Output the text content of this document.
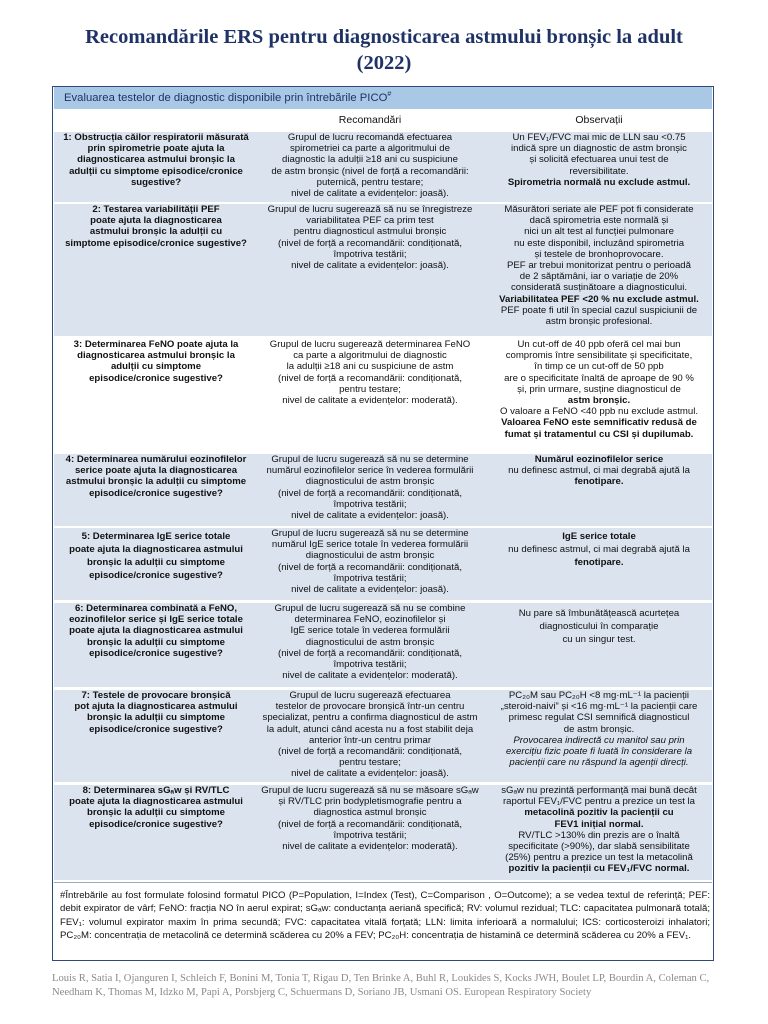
Recomandările ERS pentru diagnosticarea astmului bronșic la adult
(2022)
Evaluarea testelor de diagnostic disponibile prin întrebările PICO#
Recomandări	Observații
1: Obstrucția căilor respiratorii măsurată
prin spirometrie poate ajuta la
diagnosticarea astmului bronșic la
adulții cu simptome episodice/cronice
sugestive?
Grupul de lucru recomandă efectuarea
spirometriei ca parte a algoritmului de
diagnostic la adulții ≥18 ani cu suspiciune
de astm bronșic (nivel de forță a recomandării:
puternică, pentru testare;
nivel de calitate a evidențelor: joasă).
Un FEV₁/FVC mai mic de LLN sau <0.75
indică spre un diagnostic de astm bronșic
și solicită efectuarea unui test de
reversibilitate.
Spirometria normală nu exclude astmul.
2: Testarea variabilității PEF
poate ajuta la diagnosticarea
astmului bronșic la adulții cu
simptome episodice/cronice sugestive?
Grupul de lucru sugerează să nu se înregistreze
variabilitatea PEF ca prim test
pentru diagnosticul astmului bronșic
(nivel de forță a recomandării: condiționată,
împotriva testării;
nivel de calitate a evidențelor: joasă).
Măsurători seriate ale PEF pot fi considerate
dacă spirometria este normală și
nici un alt test al funcției pulmonare
nu este disponibil, incluzând spirometria
și testele de bronhoprovocare.
PEF ar trebui monitorizat pentru o perioadă
de 2 săptămâni, iar o variație de 20%
considerată susținătoare a diagnosticului.
Variabilitatea PEF <20 % nu exclude astmul.
PEF poate fi util în special cazul suspiciunii de
astm bronșic profesional.
3: Determinarea FeNO poate ajuta la
diagnosticarea astmului bronșic la
adulții cu simptome
episodice/cronice sugestive?
Grupul de lucru sugerează determinarea FeNO
ca parte a algoritmului de diagnostic
la adulții ≥18 ani cu suspiciune de astm
(nivel de forță a recomandării: condiționată,
pentru testare;
nivel de calitate a evidențelor: moderată).
Un cut-off de 40 ppb oferă cel mai bun
compromis între sensibilitate și specificitate,
în timp ce un cut-off de 50 ppb
are o specificitate înaltă de aproape de 90 %
și, prin urmare, susține diagnosticul de
astm bronșic.
O valoare a FeNO <40 ppb nu exclude astmul.
Valoarea FeNO este semnificativ redusă de
fumat și tratamentul cu CSI și dupilumab.
4: Determinarea numărului eozinofilelor
serice poate ajuta la diagnosticarea
astmului bronșic la adulții cu simptome
episodice/cronice sugestive?
Grupul de lucru sugerează să nu se determine
numărul eozinofilelor serice în vederea formulării
diagnosticului de astm bronșic
(nivel de forță a recomandării: condiționată,
împotriva testării;
nivel de calitate a evidențelor: joasă).
Numărul eozinofilelor serice
nu definesc astmul, ci mai degrabă ajută la
fenotipare.
5: Determinarea IgE serice totale
poate ajuta la diagnosticarea astmului
bronșic la adulții cu simptome
episodice/cronice sugestive?
Grupul de lucru sugerează să nu se determine
numărul IgE serice totale în vederea formulării
diagnosticului de astm bronșic
(nivel de forță a recomandării: condiționată,
împotriva testării;
nivel de calitate a evidențelor: joasă).
IgE serice totale
nu definesc astmul, ci mai degrabă ajută la
fenotipare.
6: Determinarea combinată a FeNO,
eozinofilelor serice și IgE serice totale
poate ajuta la diagnosticarea astmului
bronșic la adulții cu simptome
episodice/cronice sugestive?
Grupul de lucru sugerează să nu se combine
determinarea FeNO, eozinofilelor și
IgE serice totale în vederea formulării
diagnosticului de astm bronșic
(nivel de forță a recomandării: condiționată,
împotriva testării;
nivel de calitate a evidențelor: moderată).
Nu pare să îmbunătățească acurtețea
diagnosticului în comparație
cu un singur test.
7: Testele de provocare bronșică
pot ajuta la diagnosticarea astmului
bronșic la adulții cu simptome
episodice/cronice sugestive?
Grupul de lucru sugerează efectuarea
testelor de provocare bronșică într-un centru
specializat, pentru a confirma diagnosticul de astm
la adult, atunci când acesta nu a fost stabilit deja
anterior într-un centru primar
(nivel de forță a recomandării: condiționată,
pentru testare;
nivel de calitate a evidențelor: joasă).
PC₂₀M sau PC₂₀H <8 mg·mL⁻¹ la pacienții
„steroid-naivi” și <16 mg·mL⁻¹ la pacienții care
primesc regulat CSI semnifică diagnosticul
de astm bronșic.
Provocarea indirectă cu manitol sau prin
exercițiu fizic poate fi luată în considerare la
pacienții care nu răspund la agenții direcți.
8: Determinarea sGₐw și RV/TLC
poate ajuta la diagnosticarea astmului
bronșic la adulții cu simptome
episodice/cronice sugestive?
Grupul de lucru sugerează să nu se măsoare sGₐw
și RV/TLC prin bodypletismografie pentru a
diagnostica astmul bronșic
(nivel de forță a recomandării: condiționată,
împotriva testării;
nivel de calitate a evidențelor: moderată).
sGₐw nu prezintă performanță mai bună decât
raportul FEV₁/FVC pentru a prezice un test la
metacolină pozitiv la pacienții cu
FEV1 inițial normal.
RV/TLC >130% din prezis are o înaltă
specificitate (>90%), dar slabă sensibilitate
(25%) pentru a prezice un test la metacolină
pozitiv la pacienții cu FEV₁/FVC normal.
#Întrebările au fost formulate folosind formatul PICO (P=Population, I=Index (Test), C=Comparison , O=Outcome); a se vedea textul de referință; PEF: debit expirator de vârf; FeNO: fracția NO în aerul expirat; sGₐw: conductanța aeriană specifică; RV: volumul rezidual; TLC: capacitatea pulmonară totală; FEV₁: volumul expirator maxim în prima secundă; FVC: capacitatea vitală forțată; LLN: limita inferioară a normalului; ICS: corticosteroizi inhalatori; PC₂₀M: concentrația de metacolină ce determină scăderea cu 20% a FEV; PC₂₀H: concentrația de histamină ce determină scăderea cu 20% a FEV₁.
Louis R, Satia I, Ojanguren I, Schleich F, Bonini M, Tonia T, Rigau D, Ten Brinke A, Buhl R, Loukides S, Kocks JWH, Boulet LP, Bourdin A, Coleman C, Needham K, Thomas M, Idzko M, Papi A, Porsbjerg C, Schuermans D, Soriano JB, Usmani OS. European Respiratory Society
